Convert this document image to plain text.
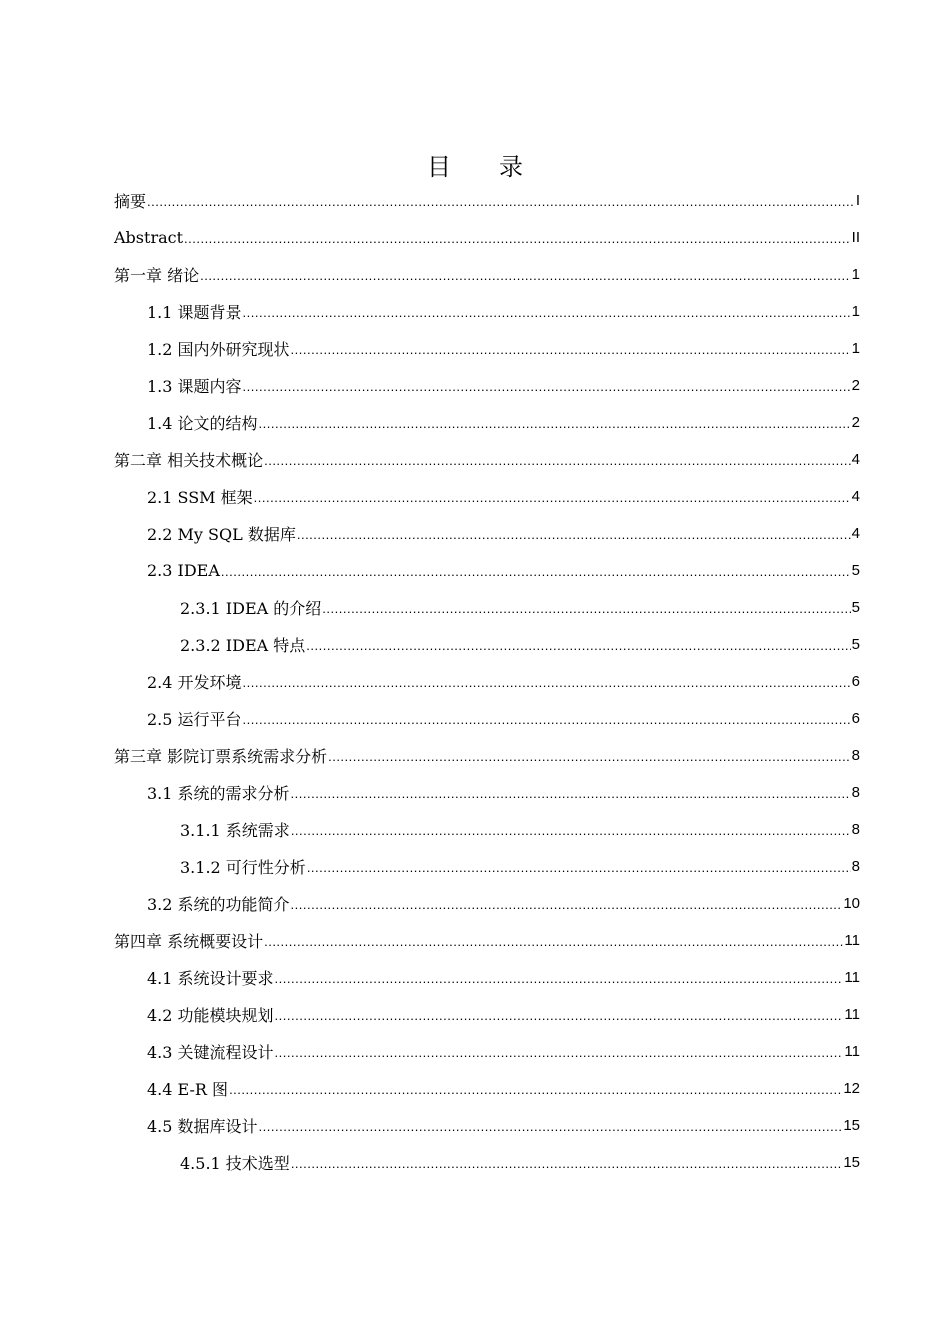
目 录
摘要 .....	I
Abstract .....	II
第一章 绪论 .....	1
1.1 课题背景 .....	1
1.2 国内外研究现状 .....	1
1.3 课题内容 .....	2
1.4 论文的结构 .....	2
第二章 相关技术概论 .....	4
2.1 SSM 框架 .....	4
2.2 My SQL 数据库 .....	4
2.3 IDEA .....	5
2.3.1 IDEA 的介绍 .....	5
2.3.2 IDEA 特点 .....	5
2.4 开发环境 .....	6
2.5 运行平台 .....	6
第三章 影院订票系统需求分析 .....	8
3.1 系统的需求分析 .....	8
3.1.1 系统需求 .....	8
3.1.2 可行性分析 .....	8
3.2 系统的功能简介 .....	10
第四章 系统概要设计 .....	11
4.1 系统设计要求 .....	11
4.2 功能模块规划 .....	11
4.3 关键流程设计 .....	11
4.4 E-R 图 .....	12
4.5 数据库设计 .....	15
4.5.1 技术选型 .....	15
